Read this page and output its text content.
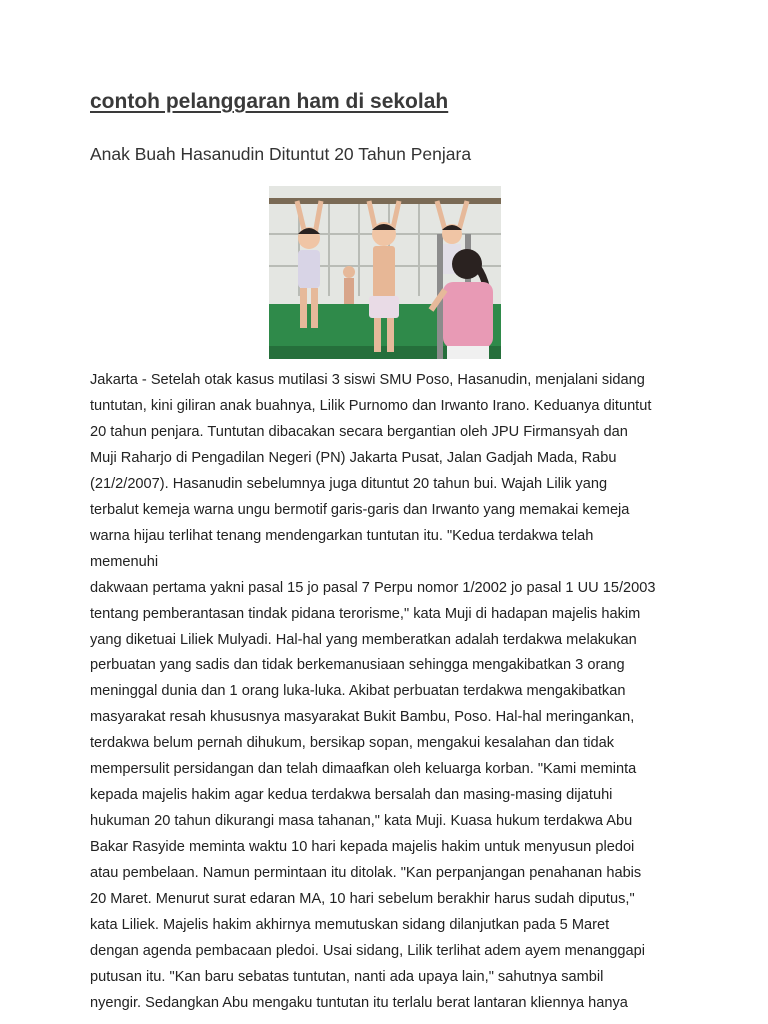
contoh pelanggaran ham di sekolah
Anak Buah Hasanudin Dituntut 20 Tahun Penjara
Jakarta - Setelah otak kasus mutilasi 3 siswi SMU Poso, Hasanudin, menjalani sidang
tuntutan, kini giliran anak buahnya, Lilik Purnomo dan Irwanto Irano. Keduanya dituntut
20 tahun penjara. Tuntutan dibacakan secara bergantian oleh JPU Firmansyah dan
Muji Raharjo di Pengadilan Negeri (PN) Jakarta Pusat, Jalan Gadjah Mada, Rabu
(21/2/2007). Hasanudin sebelumnya juga dituntut 20 tahun bui. Wajah Lilik yang
terbalut kemeja warna ungu bermotif garis-garis dan Irwanto yang memakai kemeja
warna hijau terlihat tenang mendengarkan tuntutan itu. "Kedua terdakwa telah
memenuhi
dakwaan pertama yakni pasal 15 jo pasal 7 Perpu nomor 1/2002 jo pasal 1 UU 15/2003
tentang pemberantasan tindak pidana terorisme," kata Muji di hadapan majelis hakim
yang diketuai Liliek Mulyadi. Hal-hal yang memberatkan adalah terdakwa melakukan
perbuatan yang sadis dan tidak berkemanusiaan sehingga mengakibatkan 3 orang
meninggal dunia dan 1 orang luka-luka. Akibat perbuatan terdakwa mengakibatkan
masyarakat resah khususnya masyarakat Bukit Bambu, Poso. Hal-hal meringankan,
terdakwa belum pernah dihukum, bersikap sopan, mengakui kesalahan dan tidak
mempersulit persidangan dan telah dimaafkan oleh keluarga korban. "Kami meminta
kepada majelis hakim agar kedua terdakwa bersalah dan masing-masing dijatuhi
hukuman 20 tahun dikurangi masa tahanan," kata Muji. Kuasa hukum terdakwa Abu
Bakar Rasyide meminta waktu 10 hari kepada majelis hakim untuk menyusun pledoi
atau pembelaan. Namun permintaan itu ditolak. "Kan perpanjangan penahanan habis
20 Maret. Menurut surat edaran MA, 10 hari sebelum berakhir harus sudah diputus,"
kata Liliek. Majelis hakim akhirnya memutuskan sidang dilanjutkan pada 5 Maret
dengan agenda pembacaan pledoi. Usai sidang, Lilik terlihat adem ayem menanggapi
putusan itu. "Kan baru sebatas tuntutan, nanti ada upaya lain," sahutnya sambil
nyengir. Sedangkan Abu mengaku tuntutan itu terlalu berat lantaran kliennya hanya
